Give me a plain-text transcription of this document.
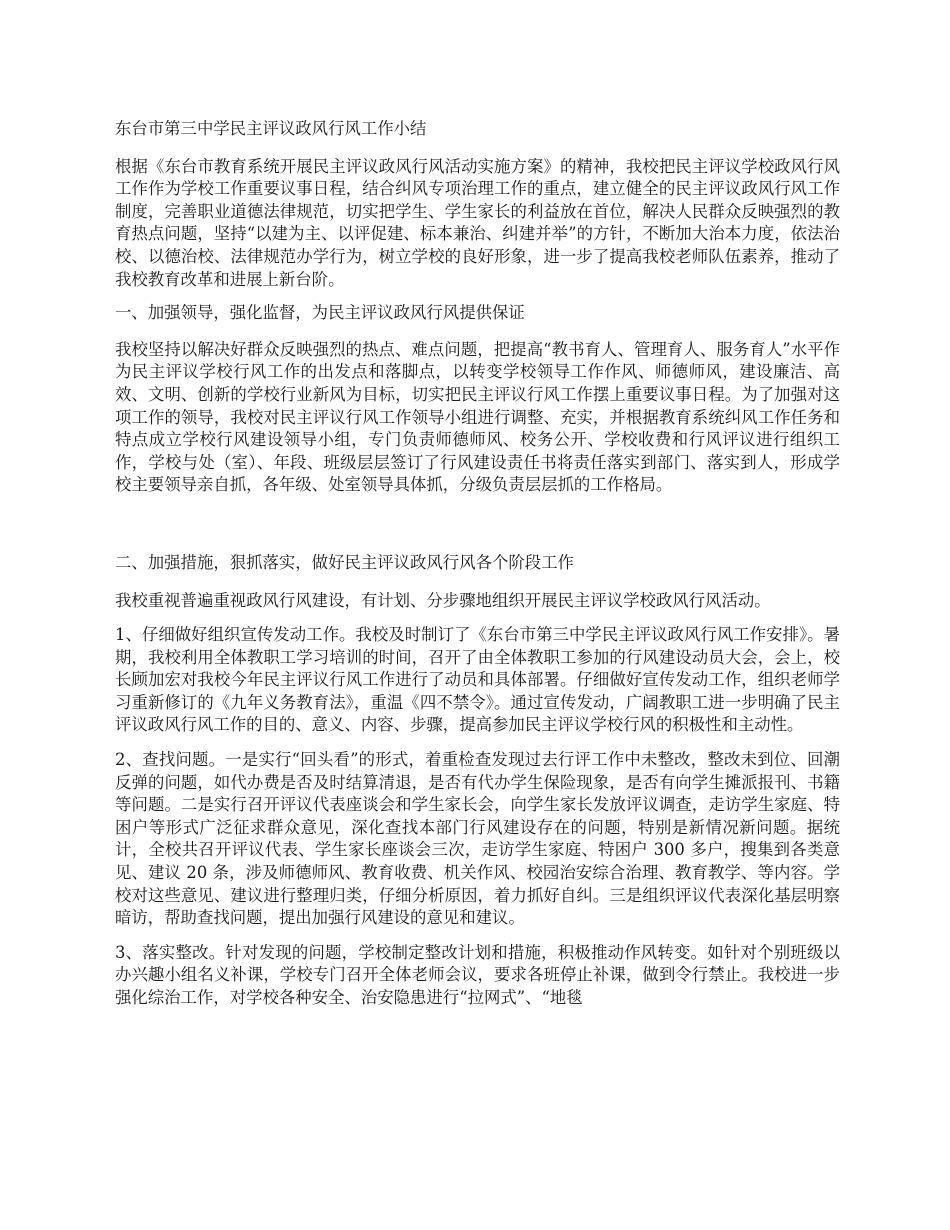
东台市第三中学民主评议政风行风工作小结

根据《东台市教育系统开展民主评议政风行风活动实施方案》的精神，我校把民主评议学校政风行风工作作为学校工作重要议事日程，结合纠风专项治理工作的重点，建立健全的民主评议政风行风工作制度，完善职业道德法律规范，切实把学生、学生家长的利益放在首位，解决人民群众反映强烈的教育热点问题，坚持“以建为主、以评促建、标本兼治、纠建并举”的方针，不断加大治本力度，依法治校、以德治校、法律规范办学行为，树立学校的良好形象，进一步了提高我校老师队伍素养，推动了我校教育改革和进展上新台阶。

一、加强领导，强化监督，为民主评议政风行风提供保证

我校坚持以解决好群众反映强烈的热点、难点问题，把提高“教书育人、管理育人、服务育人”水平作为民主评议学校行风工作的出发点和落脚点，以转变学校领导工作作风、师德师风，建设廉洁、高效、文明、创新的学校行业新风为目标，切实把民主评议行风工作摆上重要议事日程。为了加强对这项工作的领导，我校对民主评议行风工作领导小组进行调整、充实，并根据教育系统纠风工作任务和特点成立学校行风建设领导小组，专门负责师德师风、校务公开、学校收费和行风评议进行组织工作，学校与处（室）、年段、班级层层签订了行风建设责任书将责任落实到部门、落实到人，形成学校主要领导亲自抓，各年级、处室领导具体抓，分级负责层层抓的工作格局。

二、加强措施，狠抓落实，做好民主评议政风行风各个阶段工作

我校重视普遍重视政风行风建设，有计划、分步骤地组织开展民主评议学校政风行风活动。

1、仔细做好组织宣传发动工作。我校及时制订了《东台市第三中学民主评议政风行风工作安排》。暑期，我校利用全体教职工学习培训的时间，召开了由全体教职工参加的行风建设动员大会，会上，校长顾加宏对我校今年民主评议行风工作进行了动员和具体部署。仔细做好宣传发动工作，组织老师学习重新修订的《九年义务教育法》，重温《四不禁令》。通过宣传发动，广阔教职工进一步明确了民主评议政风行风工作的目的、意义、内容、步骤，提高参加民主评议学校行风的积极性和主动性。

2、查找问题。一是实行“回头看”的形式，着重检查发现过去行评工作中未整改，整改未到位、回潮反弹的问题，如代办费是否及时结算清退，是否有代办学生保险现象，是否有向学生摊派报刊、书籍等问题。二是实行召开评议代表座谈会和学生家长会，向学生家长发放评议调查，走访学生家庭、特困户等形式广泛征求群众意见，深化查找本部门行风建设存在的问题，特别是新情况新问题。据统计，全校共召开评议代表、学生家长座谈会三次，走访学生家庭、特困户 300 多户，搜集到各类意见、建议 20 条，涉及师德师风、教育收费、机关作风、校园治安综合治理、教育教学、等内容。学校对这些意见、建议进行整理归类，仔细分析原因，着力抓好自纠。三是组织评议代表深化基层明察暗访，帮助查找问题，提出加强行风建设的意见和建议。

3、落实整改。针对发现的问题，学校制定整改计划和措施，积极推动作风转变。如针对个别班级以办兴趣小组名义补课，学校专门召开全体老师会议，要求各班停止补课，做到令行禁止。我校进一步强化综治工作，对学校各种安全、治安隐患进行“拉网式”、“地毯
